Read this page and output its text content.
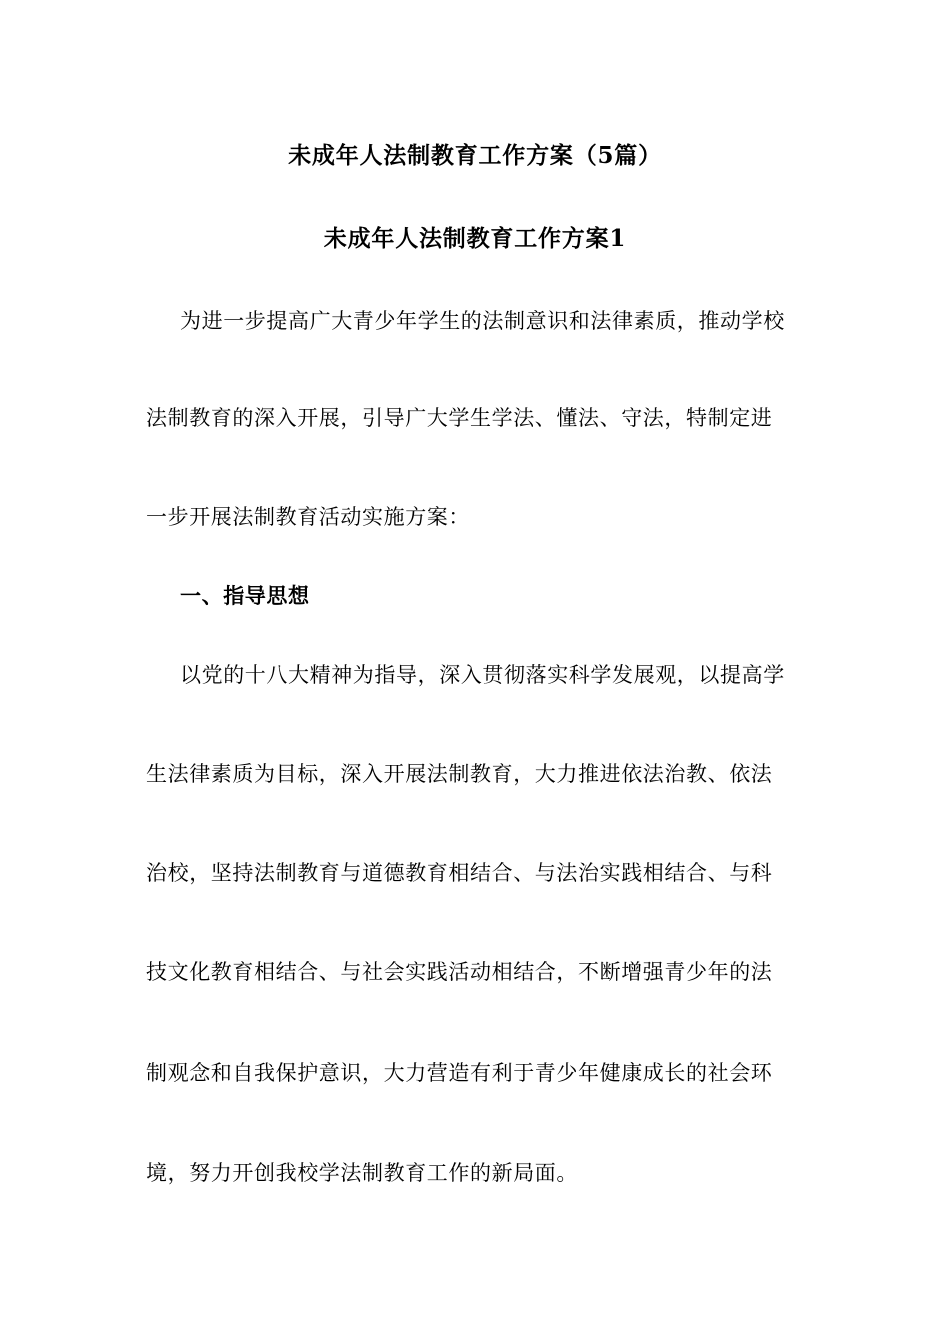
未成年人法制教育工作方案（5篇）
未成年人法制教育工作方案1
为进一步提高广大青少年学生的法制意识和法律素质，推动学校
法制教育的深入开展，引导广大学生学法、懂法、守法，特制定进
一步开展法制教育活动实施方案：
一、指导思想
以党的十八大精神为指导，深入贯彻落实科学发展观，以提高学
生法律素质为目标，深入开展法制教育，大力推进依法治教、依法
治校，坚持法制教育与道德教育相结合、与法治实践相结合、与科
技文化教育相结合、与社会实践活动相结合，不断增强青少年的法
制观念和自我保护意识，大力营造有利于青少年健康成长的社会环
境，努力开创我校学法制教育工作的新局面。
